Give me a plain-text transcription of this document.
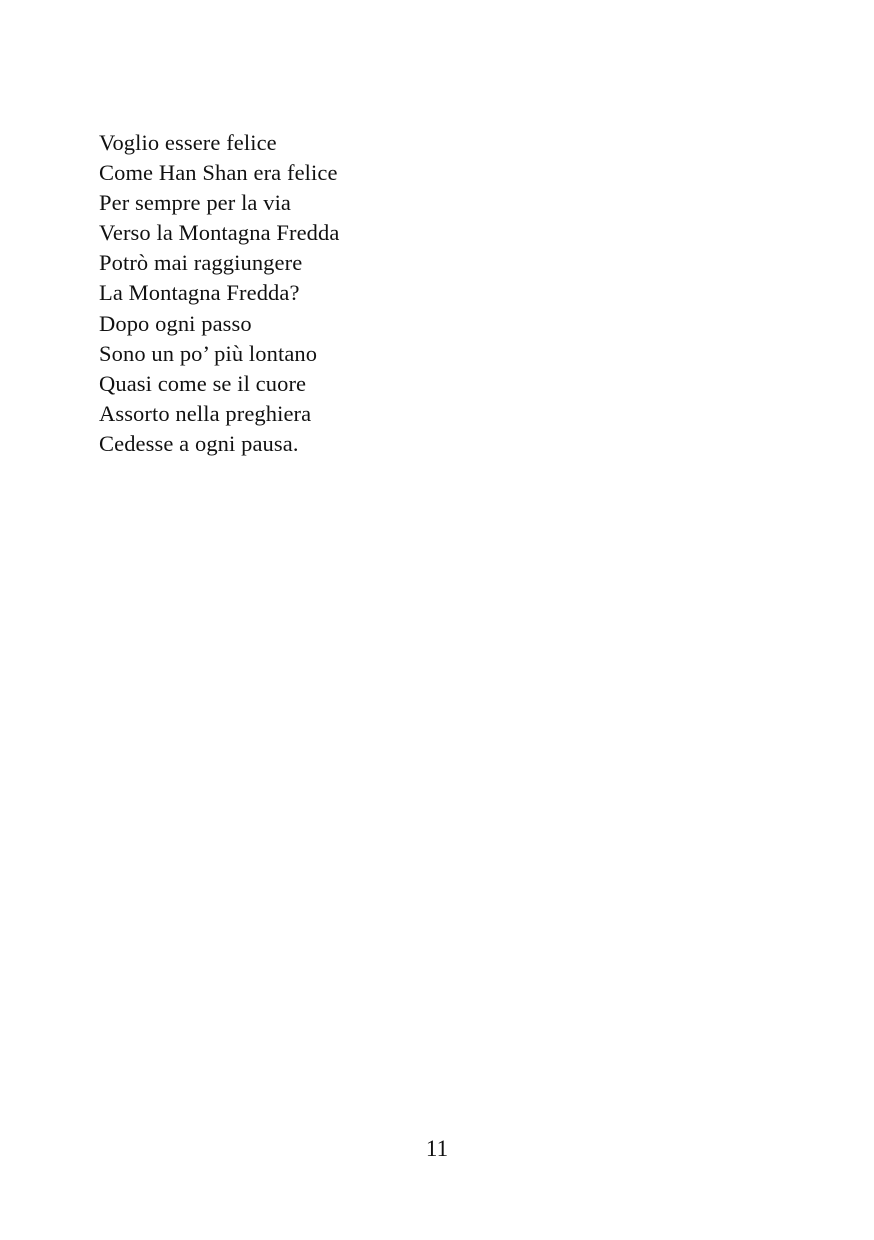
Voglio essere felice
Come Han Shan era felice
Per sempre per la via
Verso la Montagna Fredda
Potrò mai raggiungere
La Montagna Fredda?
Dopo ogni passo
Sono un po’ più lontano
Quasi come se il cuore
Assorto nella preghiera
Cedesse a ogni pausa.
11
